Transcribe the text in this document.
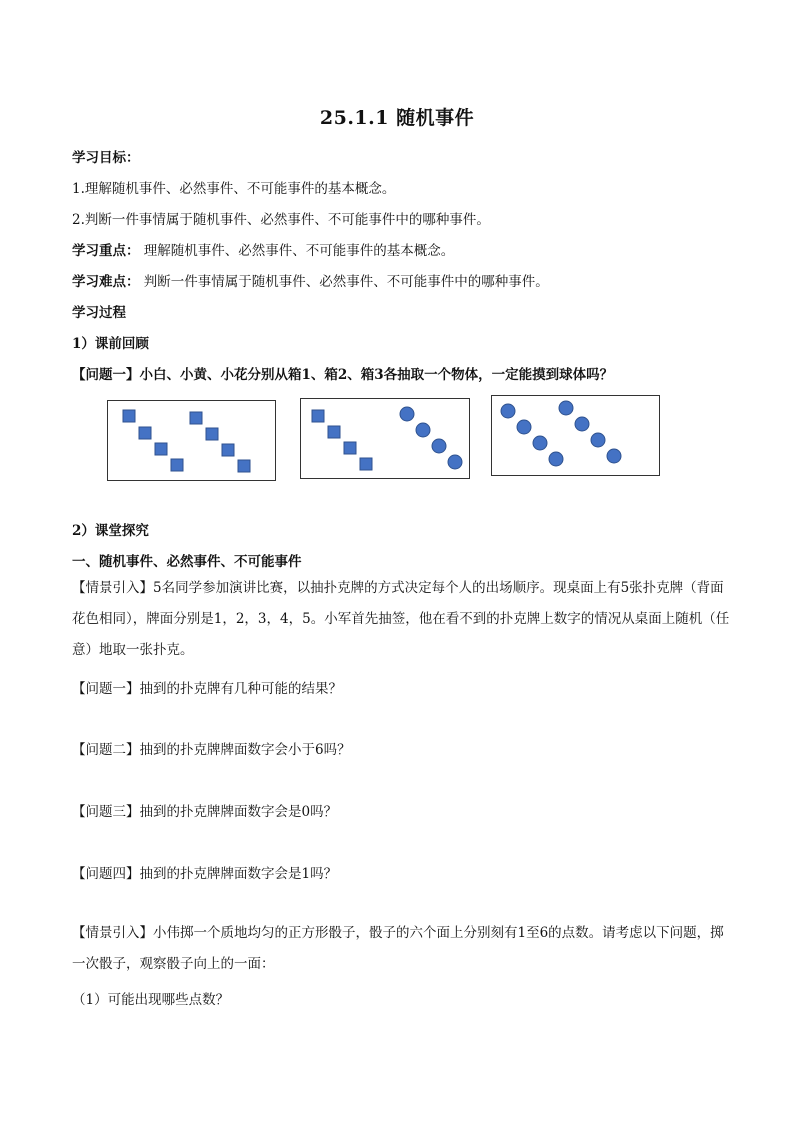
25.1.1 随机事件
学习目标：
1.理解随机事件、必然事件、不可能事件的基本概念。
2.判断一件事情属于随机事件、必然事件、不可能事件中的哪种事件。
学习重点： 理解随机事件、必然事件、不可能事件的基本概念。
学习难点： 判断一件事情属于随机事件、必然事件、不可能事件中的哪种事件。
学习过程
1）课前回顾
【问题一】小白、小黄、小花分别从箱1、箱2、箱3各抽取一个物体，一定能摸到球体吗？
2）课堂探究
一、随机事件、必然事件、不可能事件
【情景引入】5名同学参加演讲比赛，以抽扑克牌的方式决定每个人的出场顺序。现桌面上有5张扑克牌（背面花色相同），牌面分别是1，2，3，4，5。小军首先抽签，他在看不到的扑克牌上数字的情况从桌面上随机（任意）地取一张扑克。
【问题一】抽到的扑克牌有几种可能的结果？
【问题二】抽到的扑克牌牌面数字会小于6吗？
【问题三】抽到的扑克牌牌面数字会是0吗？
【问题四】抽到的扑克牌牌面数字会是1吗？
【情景引入】小伟掷一个质地均匀的正方形骰子，骰子的六个面上分别刻有1至6的点数。请考虑以下问题，掷一次骰子，观察骰子向上的一面：
（1）可能出现哪些点数？
